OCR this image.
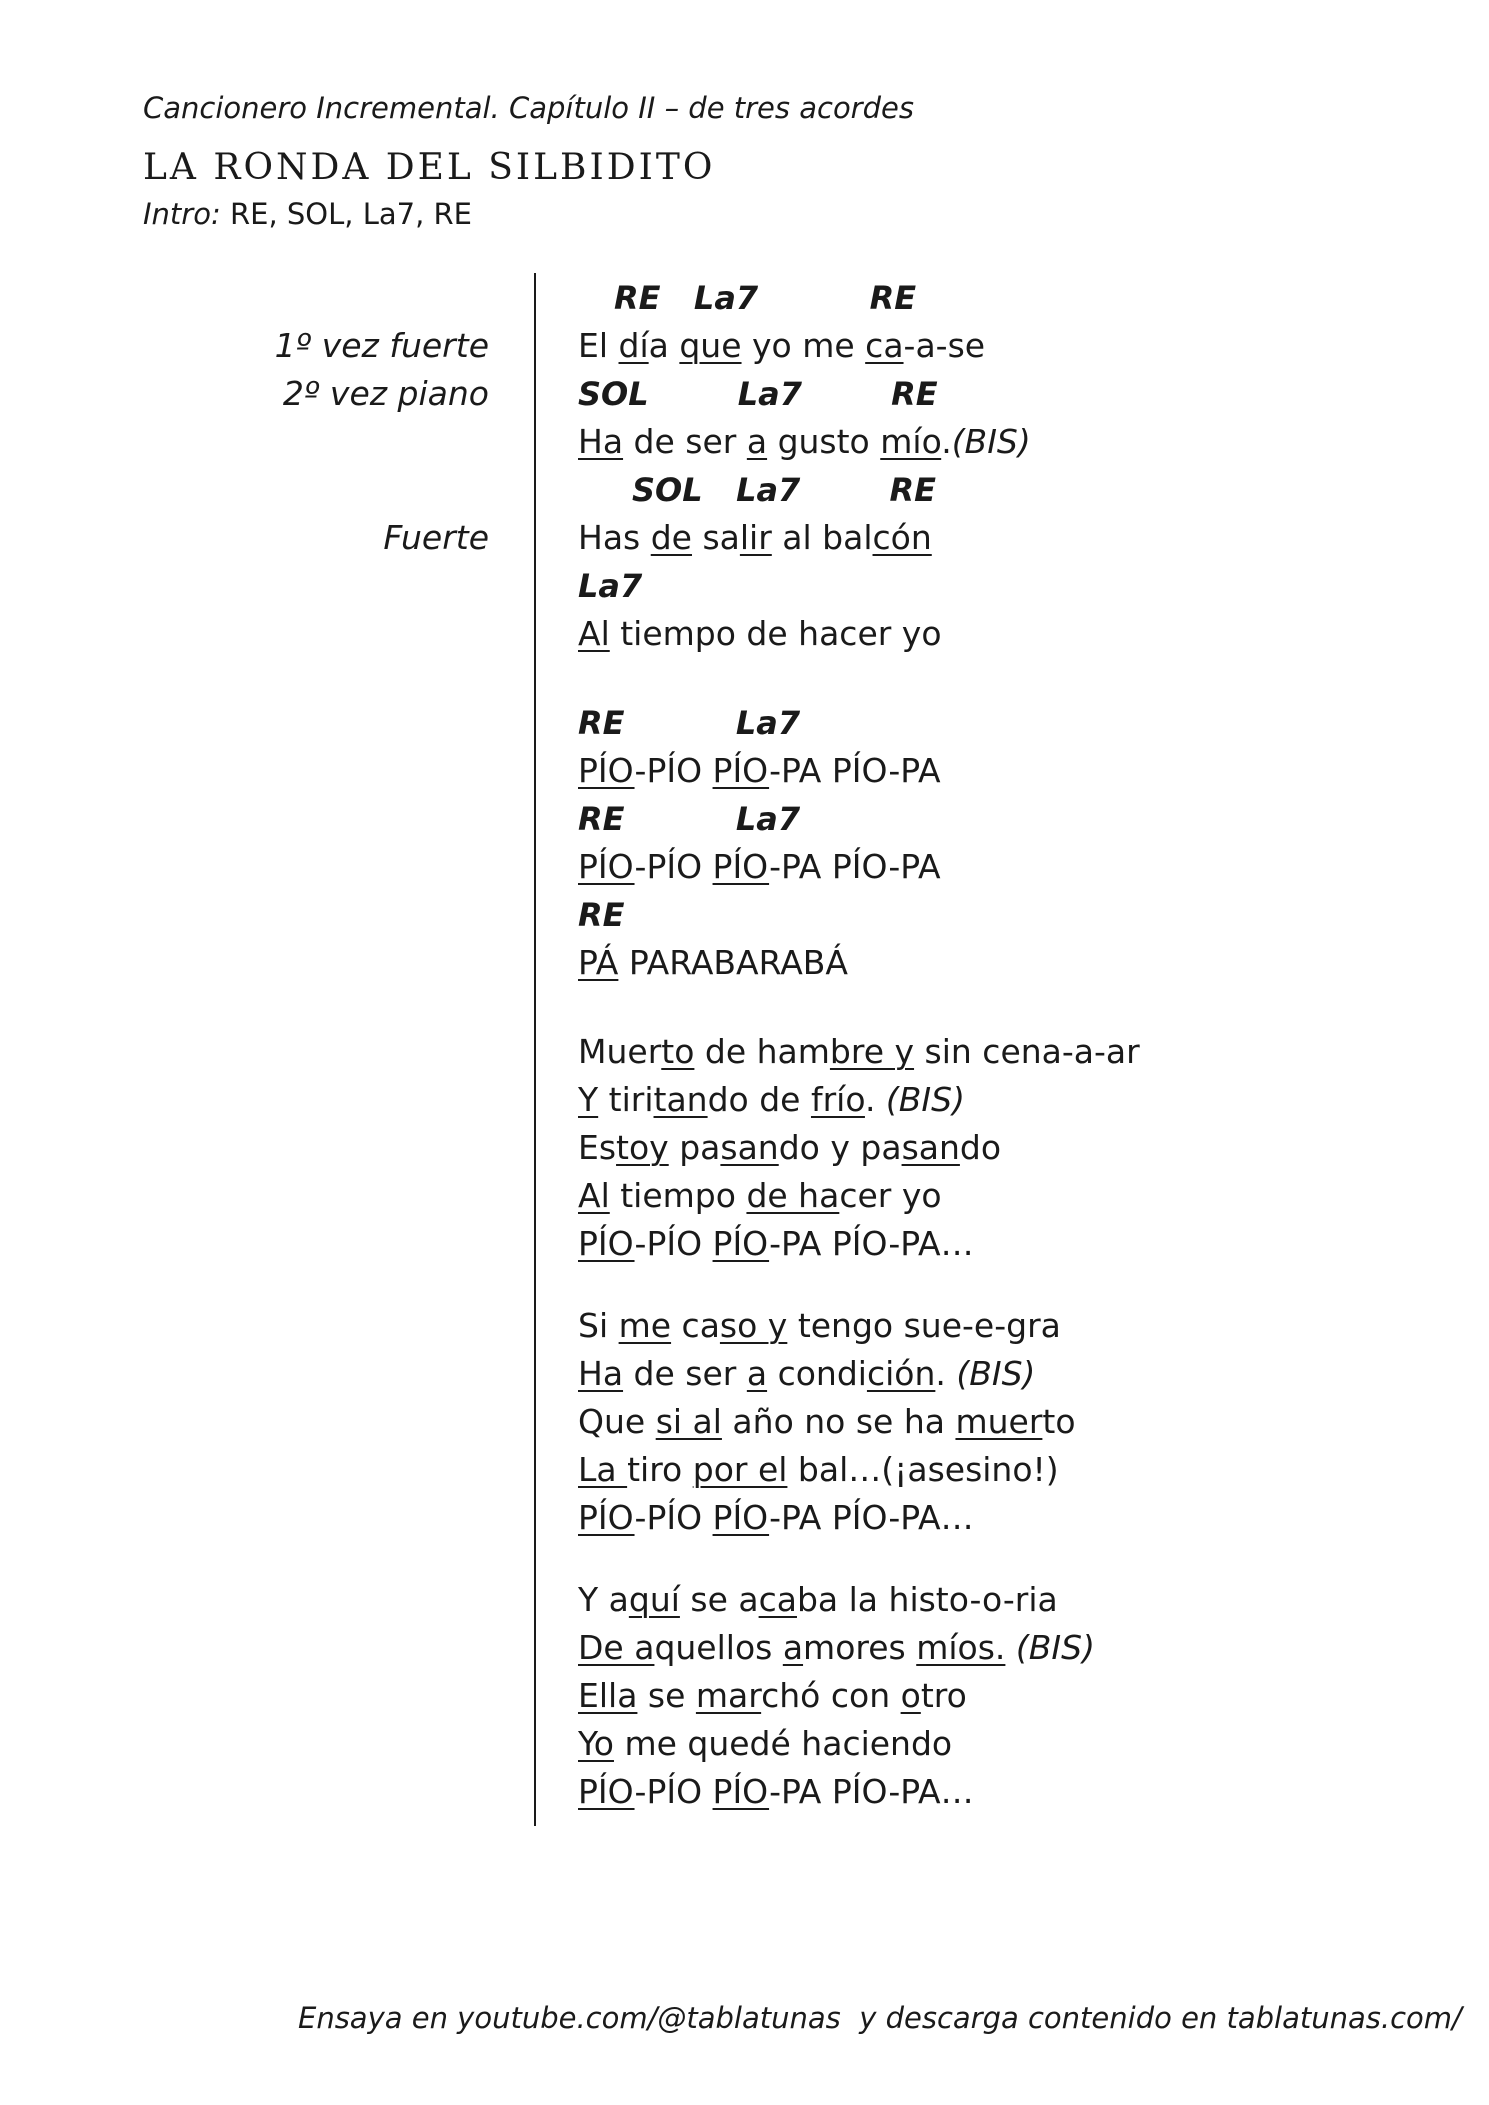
Cancionero Incremental. Capítulo II – de tres acordes
LA RONDA DEL SILBIDITO
Intro: RE, SOL, La7, RE
1º vez fuerte
2º vez piano
Fuerte
RE   La7          RE
El día que yo me ca-a-se
SOL        La7        RE
Ha de ser a gusto mío.(BIS)
SOL   La7        RE
Has de salir al balcón
La7
Al tiempo de hacer yo
RE          La7
PÍO-PÍO PÍO-PA PÍO-PA
RE          La7
PÍO-PÍO PÍO-PA PÍO-PA
RE
PÁ PARABARABÁ
Muerto de hambre y sin cena-a-ar
Y tiritando de frío. (BIS)
Estoy pasando y pasando
Al tiempo de hacer yo
PÍO-PÍO PÍO-PA PÍO-PA…
Si me caso y tengo sue-e-gra
Ha de ser a condición. (BIS)
Que si al año no se ha muerto
La tiro por el bal…(¡asesino!)
PÍO-PÍO PÍO-PA PÍO-PA…
Y aquí se acaba la histo-o-ria
De aquellos amores míos. (BIS)
Ella se marchó con otro
Yo me quedé haciendo
PÍO-PÍO PÍO-PA PÍO-PA…
Ensaya en youtube.com/@tablatunas  y descarga contenido en tablatunas.com/
